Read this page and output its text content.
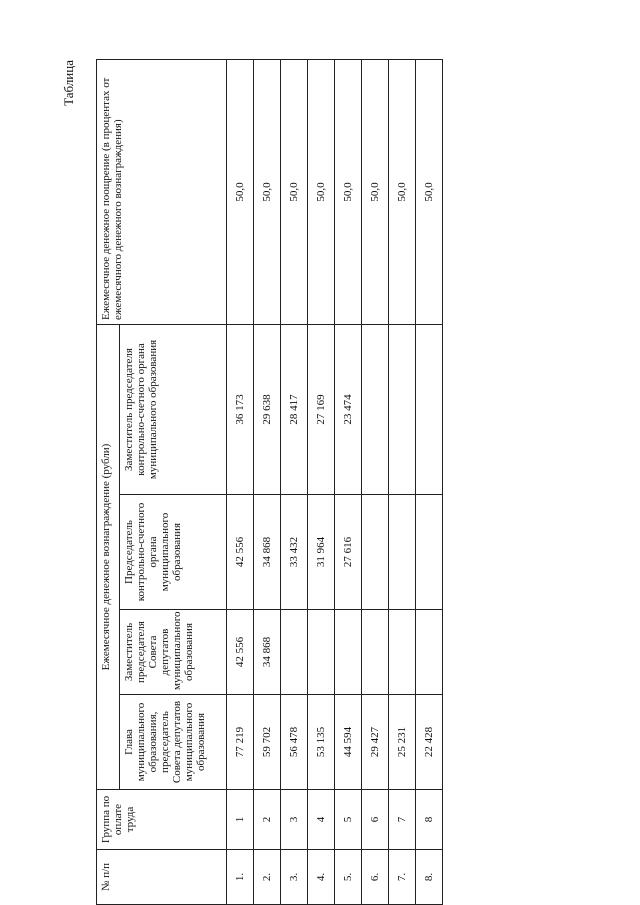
Таблица
№ п/п	Группа по оплате труда	Ежемесячное денежное вознаграждение (рубли)				Ежемесячное денежное поощрение (в процентах от ежемесячного денежного вознаграждения)
		Глава муниципального образования, председатель Совета депутатов муниципального образования	Заместитель председателя Совета депутатов муниципального образования	Председатель контрольно-счетного органа муниципального образования	Заместитель председателя контрольно-счетного органа муниципального образования	
1.	1	77 219	42 556	42 556	36 173	50,0
2.	2	59 702	34 868	34 868	29 638	50,0
3.	3	56 478		33 432	28 417	50,0
4.	4	53 135		31 964	27 169	50,0
5.	5	44 594		27 616	23 474	50,0
6.	6	29 427				50,0
7.	7	25 231				50,0
8.	8	22 428				50,0
